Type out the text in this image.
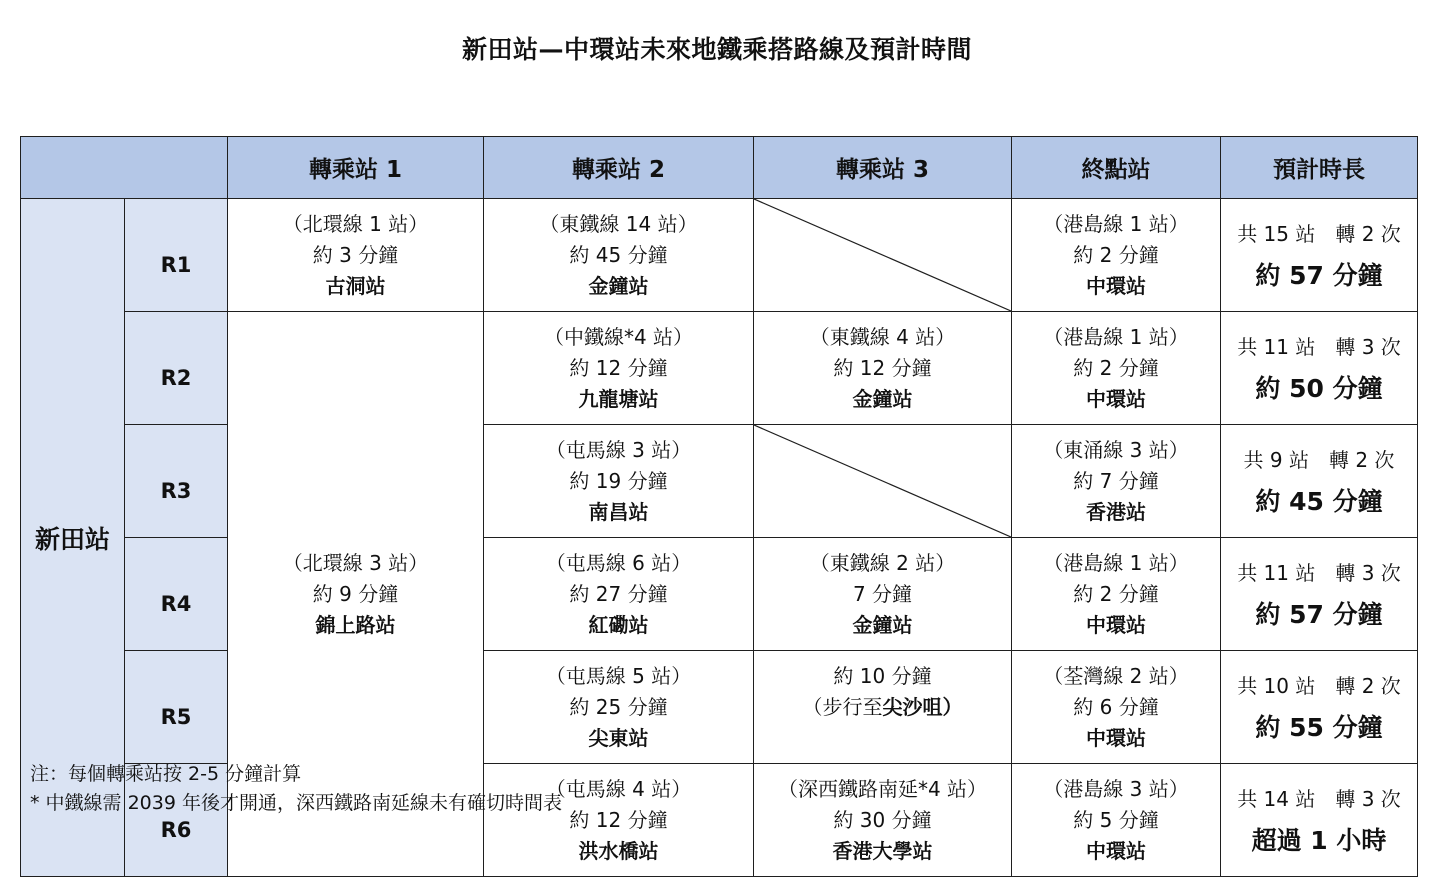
新田站—中環站未來地鐵乘搭路線及預計時間
		轉乘站 1	轉乘站 2	轉乘站 3	終點站	預計時長
新田站	R1	（北環線 1 站）
約 3 分鐘
古洞站	（東鐵線 14 站）
約 45 分鐘
金鐘站		（港島線 1 站）
約 2 分鐘
中環站	共 15 站　轉 2 次
約 57 分鐘

	R2	（北環線 3 站）
約 9 分鐘
錦上路站	（中鐵線*4 站）
約 12 分鐘
九龍塘站	（東鐵線 4 站）
約 12 分鐘
金鐘站	（港島線 1 站）
約 2 分鐘
中環站	共 11 站　轉 3 次
約 50 分鐘

	R3		（屯馬線 3 站）
約 19 分鐘
南昌站		（東涌線 3 站）
約 7 分鐘
香港站	共 9 站　轉 2 次
約 45 分鐘

	R4		（屯馬線 6 站）
約 27 分鐘
紅磡站	（東鐵線 2 站）
7 分鐘
金鐘站	（港島線 1 站）
約 2 分鐘
中環站	共 11 站　轉 3 次
約 57 分鐘

	R5		（屯馬線 5 站）
約 25 分鐘
尖東站	約 10 分鐘
（步行至尖沙咀）	（荃灣線 2 站）
約 6 分鐘
中環站	共 10 站　轉 2 次
約 55 分鐘

	R6		（屯馬線 4 站）
約 12 分鐘
洪水橋站	（深西鐵路南延*4 站）
約 30 分鐘
香港大學站	（港島線 3 站）
約 5 分鐘
中環站	共 14 站　轉 3 次
超過 1 小時

注：每個轉乘站按 2-5 分鐘計算

* 中鐵線需 2039 年後才開通，深西鐵路南延線未有確切時間表
